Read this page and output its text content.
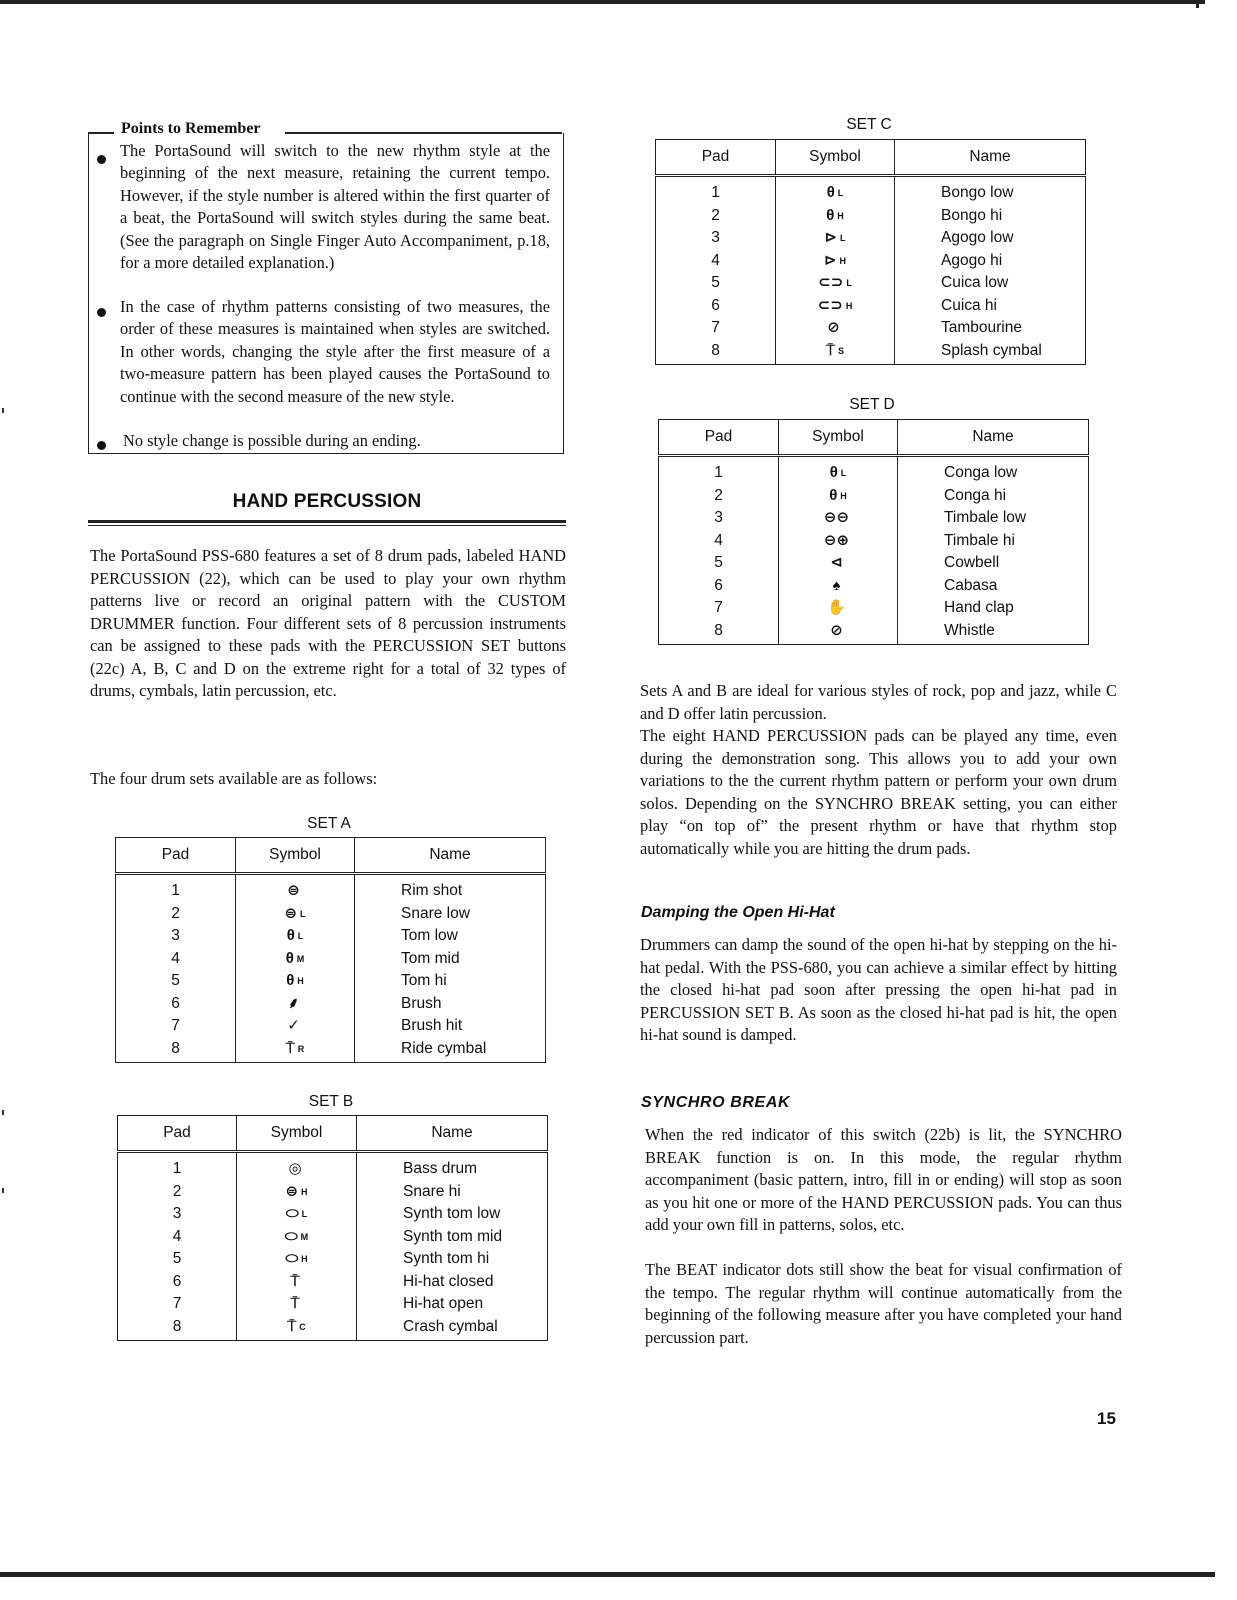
Points to Remember
The PortaSound will switch to the new rhythm style at the beginning of the next measure, retaining the current tempo. However, if the style number is altered within the first quarter of a beat, the PortaSound will switch styles during the same beat. (See the paragraph on Single Finger Auto Accompaniment, p.18, for a more detailed explanation.)
In the case of rhythm patterns consisting of two measures, the order of these measures is maintained when styles are switched. In other words, changing the style after the first measure of a two-measure pattern has been played causes the PortaSound to continue with the second measure of the new style.
No style change is possible during an ending.
HAND PERCUSSION
The PortaSound PSS-680 features a set of 8 drum pads, labeled HAND PERCUSSION (22), which can be used to play your own rhythm patterns live or record an original pattern with the CUSTOM DRUMMER function. Four different sets of 8 percussion instruments can be assigned to these pads with the PERCUSSION SET buttons (22c) A, B, C and D on the extreme right for a total of 32 types of drums, cymbals, latin percussion, etc.
The four drum sets available are as follows:
SET A
Pad	Symbol	Name
1	⊜	Rim shot
2	⊜ L	Snare low
3	θ L	Tom low
4	θ M	Tom mid
5	θ H	Tom hi
6	⸙	Brush
7	✓	Brush hit
8	⍑ R	Ride cymbal
SET B
Pad	Symbol	Name
1	◎	Bass drum
2	⊜ H	Snare hi
3	⬭ L	Synth tom low
4	⬭ M	Synth tom mid
5	⬭ H	Synth tom hi
6	⍑	Hi-hat closed
7	⍑	Hi-hat open
8	⍑ C	Crash cymbal
SET C
Pad	Symbol	Name
1	θ L	Bongo low
2	θ H	Bongo hi
3	⊳ L	Agogo low
4	⊳ H	Agogo hi
5	⊂⊃ L	Cuica low
6	⊂⊃ H	Cuica hi
7	⊘	Tambourine
8	⍑ S	Splash cymbal
SET D
Pad	Symbol	Name
1	θ L	Conga low
2	θ H	Conga hi
3	⊖⊖	Timbale low
4	⊖⊕	Timbale hi
5	⊲	Cowbell
6	♠	Cabasa
7	✋	Hand clap
8	⊘	Whistle
Sets A and B are ideal for various styles of rock, pop and jazz, while C and D offer latin percussion.
The eight HAND PERCUSSION pads can be played any time, even during the demonstration song. This allows you to add your own variations to the the current rhythm pattern or perform your own drum solos. Depending on the SYNCHRO BREAK setting, you can either play “on top of” the present rhythm or have that rhythm stop automatically while you are hitting the drum pads.
Damping the Open Hi-Hat
Drummers can damp the sound of the open hi-hat by stepping on the hi-hat pedal. With the PSS-680, you can achieve a similar effect by hitting the closed hi-hat pad soon after pressing the open hi-hat pad in PERCUSSION SET B. As soon as the closed hi-hat pad is hit, the open hi-hat sound is damped.
SYNCHRO BREAK
When the red indicator of this switch (22b) is lit, the SYNCHRO BREAK function is on. In this mode, the regular rhythm accompaniment (basic pattern, intro, fill in or ending) will stop as soon as you hit one or more of the HAND PERCUSSION pads. You can thus add your own fill in patterns, solos, etc.
The BEAT indicator dots still show the beat for visual confirmation of the tempo. The regular rhythm will continue automatically from the beginning of the following measure after you have completed your hand percussion part.
15
